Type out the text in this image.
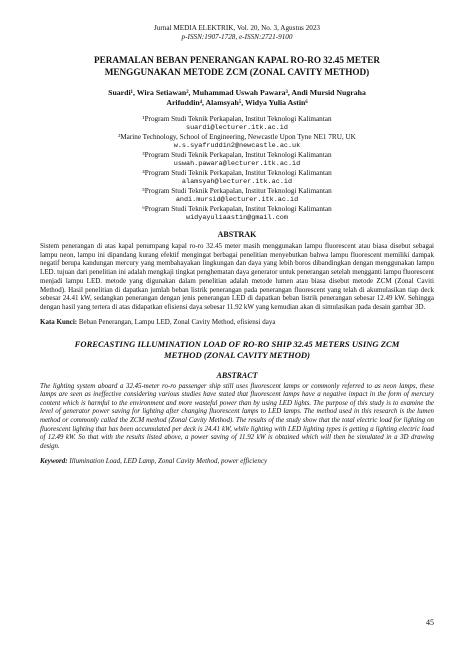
Jurnal MEDIA ELEKTRIK, Vol. 20, No. 3, Agustus 2023
p-ISSN:1907-1728, e-ISSN:2721-9100
PERAMALAN BEBAN PENERANGAN KAPAL RO-RO 32.45 METER
MENGGUNAKAN METODE ZCM (ZONAL CAVITY METHOD)
Suardi¹, Wira Setiawan², Muhammad Uswah Pawara³, Andi Mursid Nugraha
Arifuddin⁴, Alamsyah⁵, Widya Yulia Astin⁶
¹Program Studi Teknik Perkapalan, Institut Teknologi Kalimantan
suardi@lecturer.itk.ac.id
²Marine Technology, School of Engineering, Newcastle Upon Tyne NE1 7RU, UK
w.s.syafruddin2@newcastle.ac.uk
³Program Studi Teknik Perkapalan, Institut Teknologi Kalimantan
uswah.pawara@lecturer.itk.ac.id
⁴Program Studi Teknik Perkapalan, Institut Teknologi Kalimantan
alamsyah@lecturer.itk.ac.id
⁵Program Studi Teknik Perkapalan, Institut Teknologi Kalimantan
andi.mursid@lecturer.itk.ac.id
⁶Program Studi Teknik Perkapalan, Institut Teknologi Kalimantan
widyayuliaastin@gmail.com
ABSTRAK
Sistem penerangan di atas kapal penumpang kapal ro-ro 32.45 meter masih menggunakan lampu fluorescent atau biasa disebut sebagai lampu neon, lampu ini dipandang kurang efektif mengingat berbagai penelitian menyebutkan bahwa lampu fluorescent memiliki dampak negatif berupa kandungan mercury yang membahayakan lingkungan dan daya yang lebih boros dibandingkan dengan menggunakan lampu LED. tujuan dari penelitian ini adalah mengkaji tingkat penghematan daya generator untuk penerangan setelah mengganti lampu fluorescent menjadi lampu LED. metode yang digunakan dalam penelitian adalah metode lumen atau biasa disebut metode ZCM (Zonal Caviti Method). Hasil penelitian di dapatkan jumlah beban listrik penerangan pada penerangan fluorescent yang telah di akumulasikan tiap deck sebesar 24.41 kW, sedangkan penerangan dengan jenis penerangan LED di dapatkan beban listrik penerangan sebesar 12.49 kW. Sehingga dengan hasil yang tertera di atas didapatkan efisiensi daya sebesar 11.92 kW yang kemudian akan di simulasikan pada desain gambar 3D.
Kata Kunci: Beban Penerangan, Lampu LED, Zonal Cavity Method, efisiensi daya
FORECASTING ILLUMINATION LOAD OF RO-RO SHIP 32.45 METERS USING ZCM
METHOD (ZONAL CAVITY METHOD)
ABSTRACT
The lighting system aboard a 32.45-meter ro-ro passenger ship still uses fluorescent lamps or commonly referred to as neon lamps, these lamps are seen as ineffective considering various studies have stated that fluorescent lamps have a negative impact in the form of mercury content which is harmful to the environment and more wasteful power than by using LED lights. The purpose of this study is to examine the level of generator power saving for lighting after changing fluorescent lamps to LED lamps. The method used in this research is the lumen method or commonly called the ZCM method (Zonal Cavity Method). The results of the study show that the total electric load for lighting on fluorescent lighting that has been accumulated per deck is 24.41 kW, while lighting with LED lighting types is getting a lighting electric load of 12.49 kW. So that with the results listed above, a power saving of 11.92 kW is obtained which will then be simulated in a 3D drawing design.
Keyword: Illumination Load, LED Lamp, Zonal Cavity Method, power efficiency
45
